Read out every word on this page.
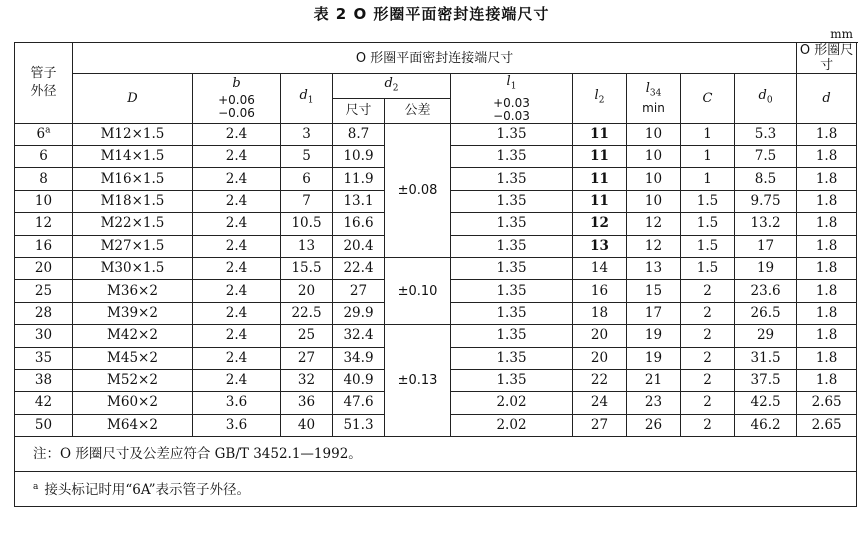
表 2 O 形圈平面密封连接端尺寸
mm
管子外径	O 形圈平面密封连接端尺寸										O 形圈尺寸
	D	b
+0.06
−0.06	$d_1$	$d_2$		$l_1$
+0.03
−0.03	$l_2$	$l_{34}$
min	C	$d_0$	d
				尺寸	公差						
6$^a$	M12×1.5	2.4	3	8.7	±0.08	1.35	11	10	1	5.3	1.8
6	M14×1.5	2.4	5	10.9		1.35	11	10	1	7.5	1.8
8	M16×1.5	2.4	6	11.9		1.35	11	10	1	8.5	1.8
10	M18×1.5	2.4	7	13.1		1.35	11	10	1.5	9.75	1.8
12	M22×1.5	2.4	10.5	16.6		1.35	12	12	1.5	13.2	1.8
16	M27×1.5	2.4	13	20.4		1.35	13	12	1.5	17	1.8
20	M30×1.5	2.4	15.5	22.4	±0.10	1.35	14	13	1.5	19	1.8
25	M36×2	2.4	20	27		1.35	16	15	2	23.6	1.8
28	M39×2	2.4	22.5	29.9		1.35	18	17	2	26.5	1.8
30	M42×2	2.4	25	32.4	±0.13	1.35	20	19	2	29	1.8
35	M45×2	2.4	27	34.9		1.35	20	19	2	31.5	1.8
38	M52×2	2.4	32	40.9		1.35	22	21	2	37.5	1.8
42	M60×2	3.6	36	47.6		2.02	24	23	2	42.5	2.65
50	M64×2	3.6	40	51.3		2.02	27	26	2	46.2	2.65
注：O 形圈尺寸及公差应符合 GB/T 3452.1—1992。											
$^a$ 接头标记时用“6A”表示管子外径。											
